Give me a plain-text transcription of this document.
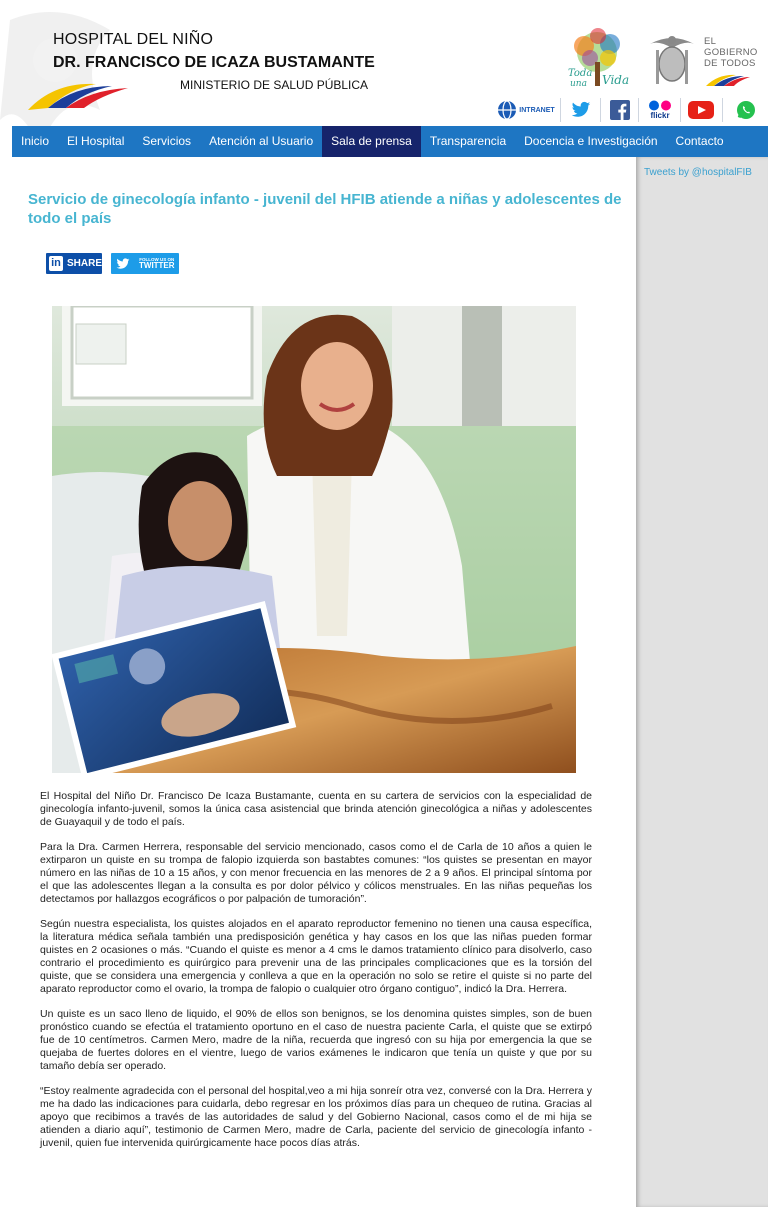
HOSPITAL DEL NIÑO
DR. FRANCISCO DE ICAZA BUSTAMANTE
MINISTERIO DE SALUD PÚBLICA
Toda
una Vida
EL
GOBIERNO
DE TODOS
INTRANET
flickr
Inicio	El Hospital	Servicios	Atención al Usuario	Sala de prensa	Transparencia	Docencia e Investigación	Contacto
Tweets by @hospitalFIB
Servicio de ginecología infanto - juvenil del HFIB atiende a niñas y adolescentes de todo el país
in SHARE	FOLLOW US ON
TWITTER

El Hospital del Niño Dr. Francisco De Icaza Bustamante, cuenta en su cartera de servicios con la especialidad de ginecología infanto-juvenil, somos la única casa asistencial que brinda atención ginecológica a niñas y adolescentes de Guayaquil y de todo el país.

Para la Dra. Carmen Herrera, responsable del servicio mencionado, casos como el de Carla de 10 años a quien le extirparon un quiste en su trompa de falopio izquierda son bastabtes comunes: “los quistes se presentan en mayor número en las niñas de 10 a 15 años, y con menor frecuencia en las menores de 2 a 9 años. El principal síntoma por el que las adolescentes llegan a la consulta es por dolor pélvico y cólicos menstruales. En las niñas pequeñas los detectamos por hallazgos ecográficos o por palpación de tumoración”.

Según nuestra especialista, los quistes alojados en el aparato reproductor femenino no tienen una causa específica, la literatura médica señala también una predisposición genética y hay casos en los que las niñas pueden formar quistes en 2 ocasiones o más. “Cuando el quiste es menor a 4 cms le damos tratamiento clínico para disolverlo, caso contrario el procedimiento es quirúrgico para prevenir una de las principales complicaciones que es la torsión del quiste, que se considera una emergencia y conlleva a que en la operación no solo se retire el quiste si no parte del aparato reproductor como el ovario, la trompa de falopio o cualquier otro órgano contiguo”, indicó la Dra. Herrera.

Un quiste es un saco lleno de liquido, el 90% de ellos son benignos, se los denomina quistes simples, son de buen pronóstico cuando se efectúa el tratamiento oportuno en el caso de nuestra paciente Carla, el quiste que se extirpó fue de 10 centímetros. Carmen Mero, madre de la niña, recuerda que ingresó con su hija por emergencia la que se quejaba de fuertes dolores en el vientre, luego de varios exámenes le indicaron que tenía un quiste y que por su tamaño debía ser operado.

“Estoy realmente agradecida con el personal del hospital,veo a mi hija sonreír otra vez, conversé con la Dra. Herrera y me ha dado las indicaciones para cuidarla, debo regresar en los próximos días para un chequeo de rutina. Gracias al apoyo que recibimos a través de las autoridades de salud y del Gobierno Nacional, casos como el de mi hija se atienden a diario aquí”, testimonio de Carmen Mero, madre de Carla, paciente del servicio de ginecología infanto - juvenil, quien fue intervenida quirúrgicamente hace pocos días atrás.
